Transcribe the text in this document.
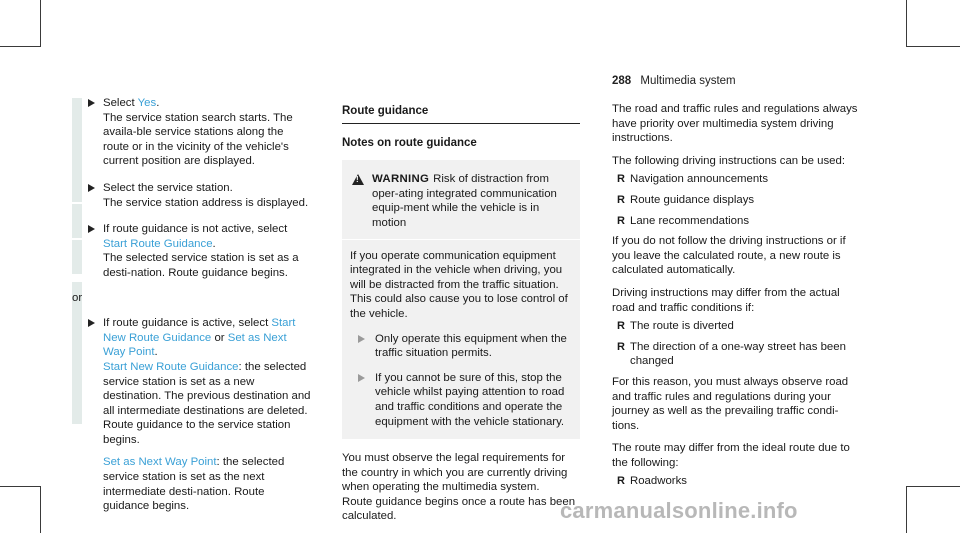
288 Multimedia system
Select Yes.
The service station search starts. The availa-ble service stations along the route or in the vicinity of the vehicle's current position are displayed.
Select the service station.
The service station address is displayed.
If route guidance is not active, select Start Route Guidance.
The selected service station is set as a desti-nation. Route guidance begins.
or
If route guidance is active, select Start New Route Guidance or Set as Next Way Point.
Start New Route Guidance: the selected service station is set as a new destination. The previous destination and all intermediate destinations are deleted. Route guidance to the service station begins.
Set as Next Way Point: the selected service station is set as the next intermediate desti-nation. Route guidance begins.
Route guidance
Notes on route guidance
!
WARNING Risk of distraction from oper-ating integrated communication equip-ment while the vehicle is in motion

If you operate communication equipment integrated in the vehicle when driving, you will be distracted from the traffic situation. This could also cause you to lose control of the vehicle.

Only operate this equipment when the traffic situation permits.
If you cannot be sure of this, stop the vehicle whilst paying attention to road and traffic conditions and operate the equipment with the vehicle stationary.

You must observe the legal requirements for the country in which you are currently driving when operating the multimedia system.

Route guidance begins once a route has been calculated.

The road and traffic rules and regulations always have priority over multimedia system driving instructions.

The following driving instructions can be used:

R Navigation announcements
R Route guidance displays
R Lane recommendations

If you do not follow the driving instructions or if you leave the calculated route, a new route is calculated automatically.

Driving instructions may differ from the actual road and traffic conditions if:

R The route is diverted
R The direction of a one-way street has been changed

For this reason, you must always observe road and traffic rules and regulations during your journey as well as the prevailing traffic condi-tions.

The route may differ from the ideal route due to the following:

R Roadworks
carmanualsonline.info
